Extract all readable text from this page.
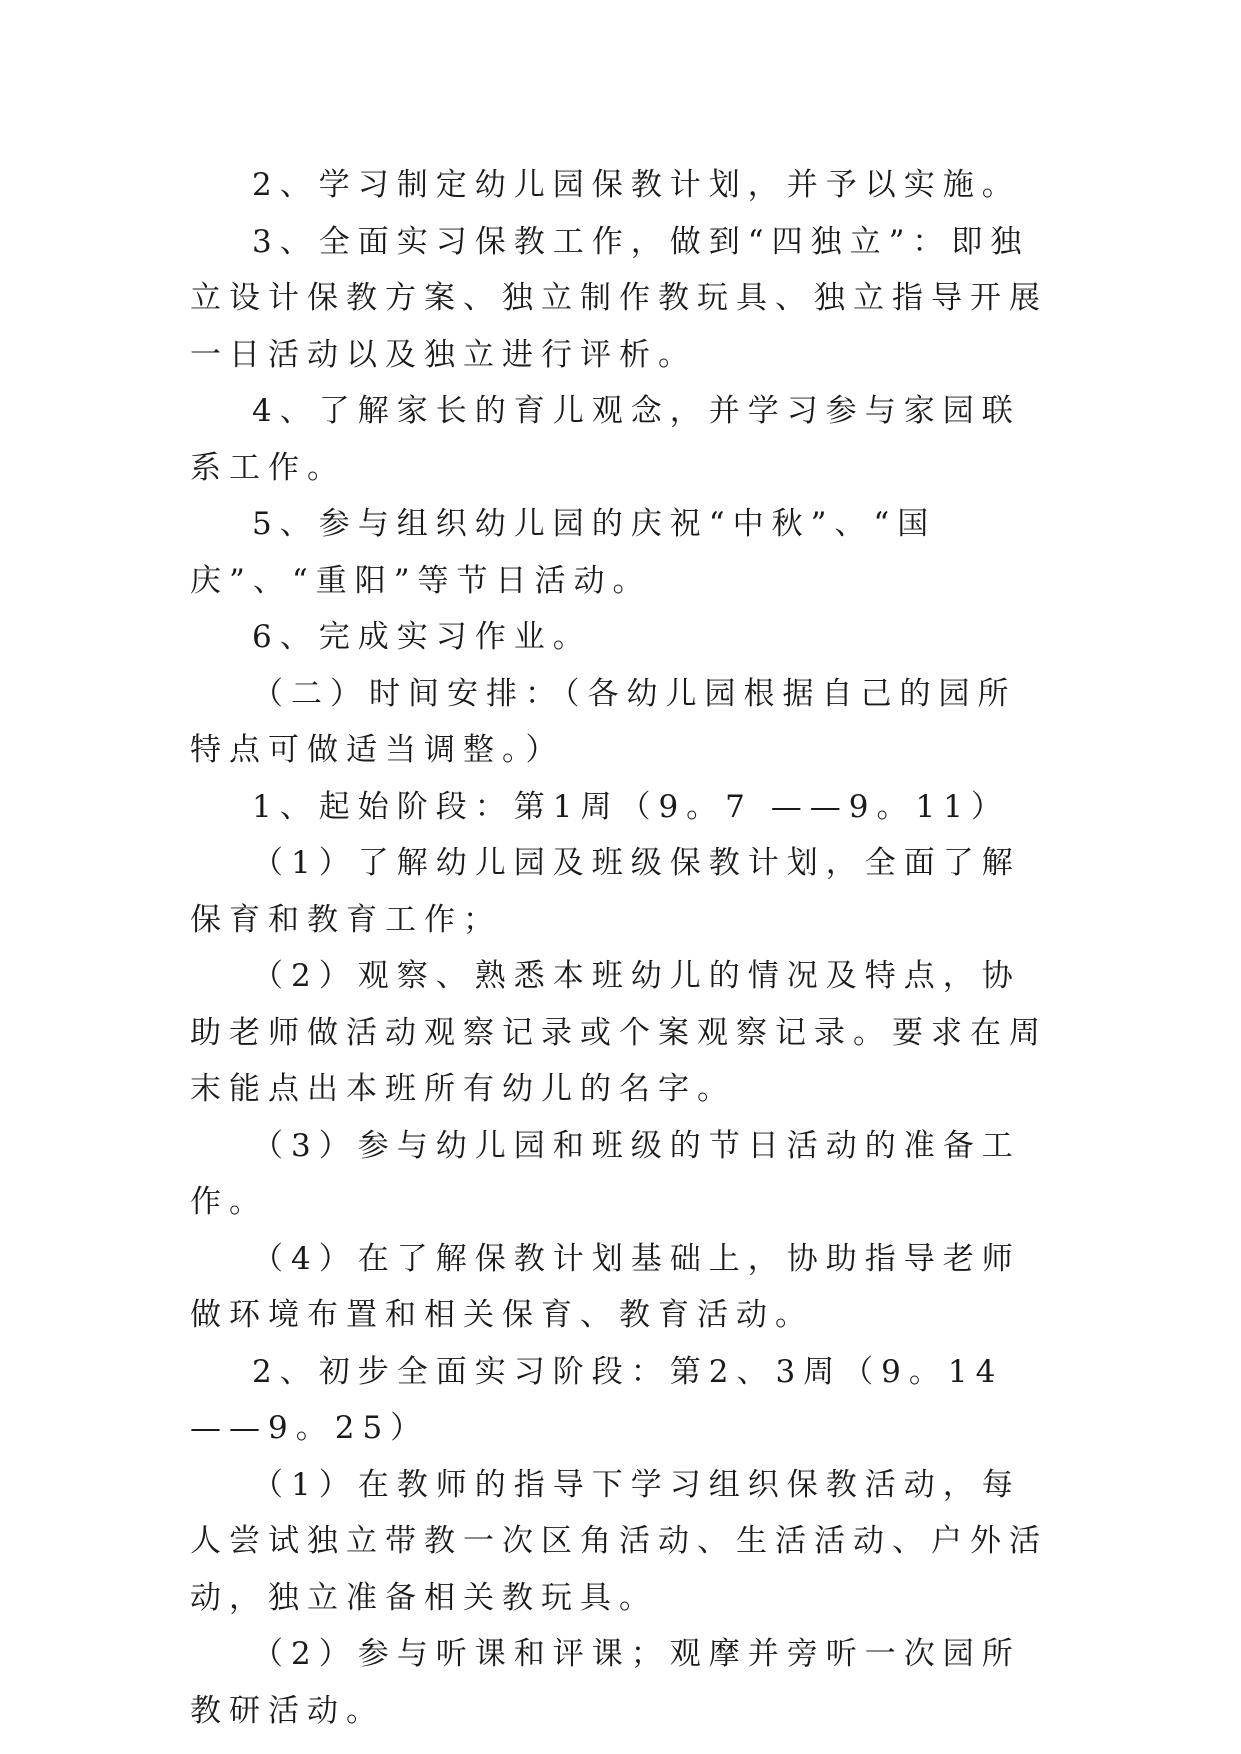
2、学习制定幼儿园保教计划，并予以实施。

3、全面实习保教工作，做到“四独立”：即独立设计保教方案、独立制作教玩具、独立指导开展一日活动以及独立进行评析。

4、了解家长的育儿观念，并学习参与家园联系工作。

5、参与组织幼儿园的庆祝“中秋”、“国庆”、“重阳”等节日活动。

6、完成实习作业。

（二）时间安排：（各幼儿园根据自己的园所特点可做适当调整。）

1、起始阶段：第1周（9。7 ——9。11）

（1）了解幼儿园及班级保教计划，全面了解保育和教育工作；

（2）观察、熟悉本班幼儿的情况及特点，协助老师做活动观察记录或个案观察记录。要求在周末能点出本班所有幼儿的名字。

（3）参与幼儿园和班级的节日活动的准备工作。

（4）在了解保教计划基础上，协助指导老师做环境布置和相关保育、教育活动。

2、初步全面实习阶段：第2、3周（9。14——9。25）

（1）在教师的指导下学习组织保教活动，每人尝试独立带教一次区角活动、生活活动、户外活动，独立准备相关教玩具。

（2）参与听课和评课；观摩并旁听一次园所教研活动。
